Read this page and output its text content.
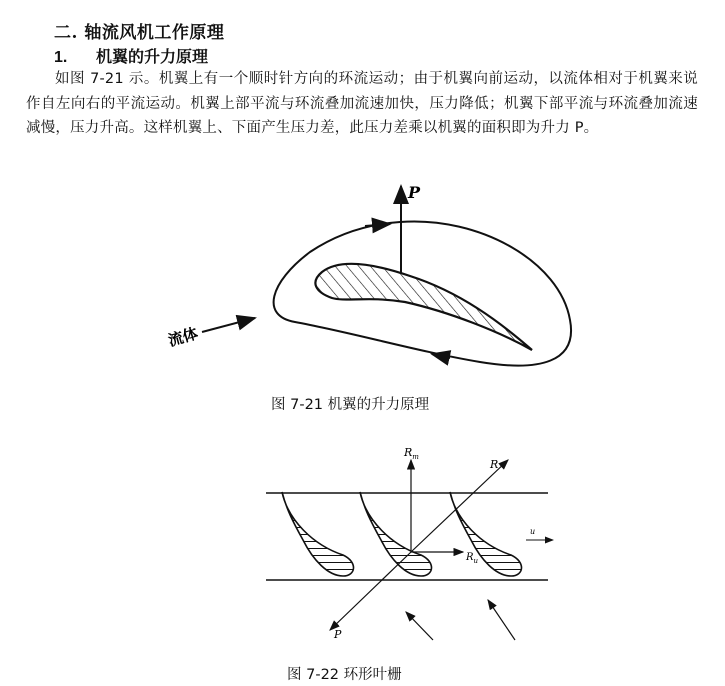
二. 轴流风机工作原理
1. 机翼的升力原理
如图 7-21 示。机翼上有一个顺时针方向的环流运动；由于机翼向前运动，以流体相对于机翼来说作自左向右的平流运动。机翼上部平流与环流叠加流速加快，压力降低；机翼下部平流与环流叠加流速减慢，压力升高。这样机翼上、下面产生压力差，此压力差乘以机翼的面积即为升力 P。
P
流体
图 7-21 机翼的升力原理
$R_m$
R
$R_u$
u
P
图 7-22 环形叶栅
